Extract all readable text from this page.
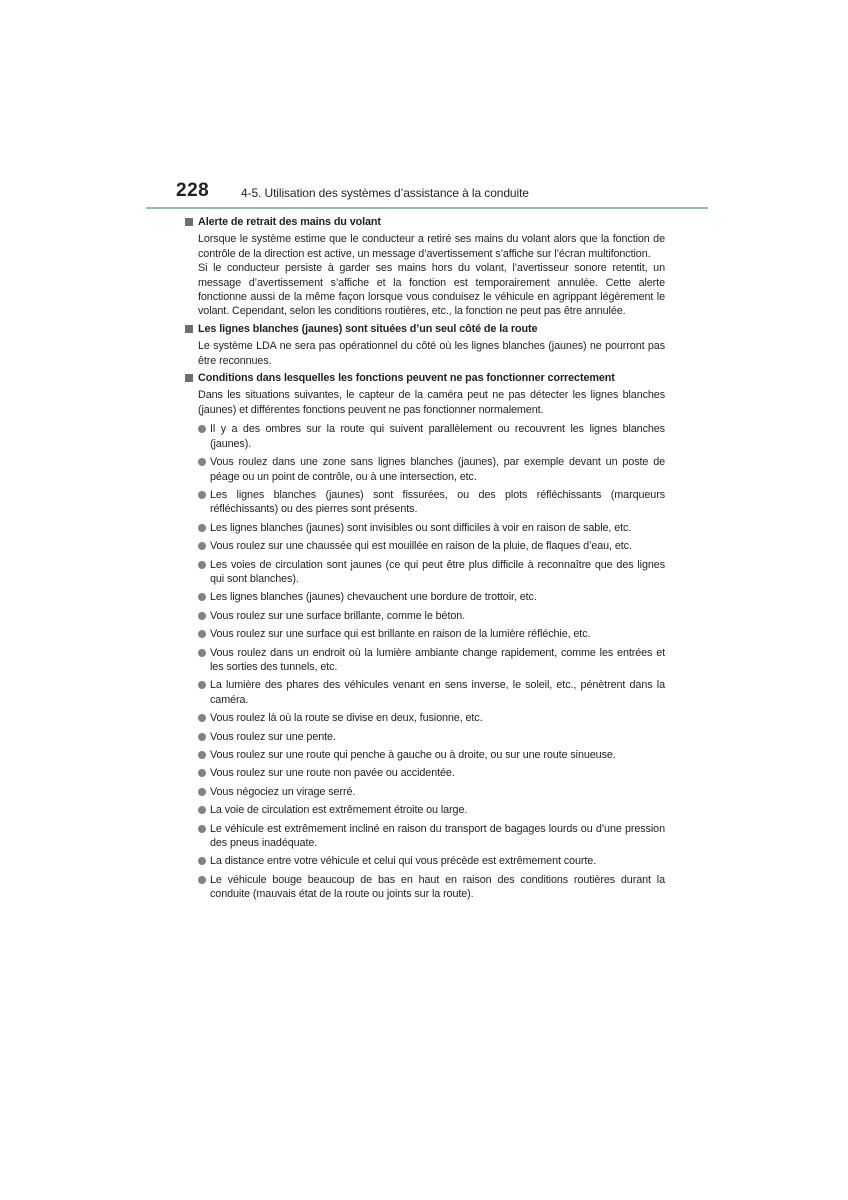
228	4-5. Utilisation des systèmes d’assistance à la conduite
Alerte de retrait des mains du volant

Lorsque le système estime que le conducteur a retiré ses mains du volant alors que la fonction de contrôle de la direction est active, un message d’avertissement s’affiche sur l’écran multifonction.

Si le conducteur persiste à garder ses mains hors du volant, l’avertisseur sonore retentit, un message d’avertissement s’affiche et la fonction est temporairement annulée. Cette alerte fonctionne aussi de la même façon lorsque vous conduisez le véhicule en agrippant légèrement le volant. Cependant, selon les conditions routières, etc., la fonction ne peut pas être annulée.

Les lignes blanches (jaunes) sont situées d’un seul côté de la route

Le système LDA ne sera pas opérationnel du côté où les lignes blanches (jaunes) ne pourront pas être reconnues.

Conditions dans lesquelles les fonctions peuvent ne pas fonctionner correctement

Dans les situations suivantes, le capteur de la caméra peut ne pas détecter les lignes blanches (jaunes) et différentes fonctions peuvent ne pas fonctionner normalement.

Il y a des ombres sur la route qui suivent parallèlement ou recouvrent les lignes blanches (jaunes).
Vous roulez dans une zone sans lignes blanches (jaunes), par exemple devant un poste de péage ou un point de contrôle, ou à une intersection, etc.
Les lignes blanches (jaunes) sont fissurées, ou des plots réfléchissants (marqueurs réfléchissants) ou des pierres sont présents.
Les lignes blanches (jaunes) sont invisibles ou sont difficiles à voir en raison de sable, etc.
Vous roulez sur une chaussée qui est mouillée en raison de la pluie, de flaques d’eau, etc.
Les voies de circulation sont jaunes (ce qui peut être plus difficile à reconnaître que des lignes qui sont blanches).
Les lignes blanches (jaunes) chevauchent une bordure de trottoir, etc.
Vous roulez sur une surface brillante, comme le béton.
Vous roulez sur une surface qui est brillante en raison de la lumière réfléchie, etc.
Vous roulez dans un endroit où la lumière ambiante change rapidement, comme les entrées et les sorties des tunnels, etc.
La lumière des phares des véhicules venant en sens inverse, le soleil, etc., pénètrent dans la caméra.
Vous roulez là où la route se divise en deux, fusionne, etc.
Vous roulez sur une pente.
Vous roulez sur une route qui penche à gauche ou à droite, ou sur une route sinueuse.
Vous roulez sur une route non pavée ou accidentée.
Vous négociez un virage serré.
La voie de circulation est extrêmement étroite ou large.
Le véhicule est extrêmement incliné en raison du transport de bagages lourds ou d’une pression des pneus inadéquate.
La distance entre votre véhicule et celui qui vous précède est extrêmement courte.
Le véhicule bouge beaucoup de bas en haut en raison des conditions routières durant la conduite (mauvais état de la route ou joints sur la route).
